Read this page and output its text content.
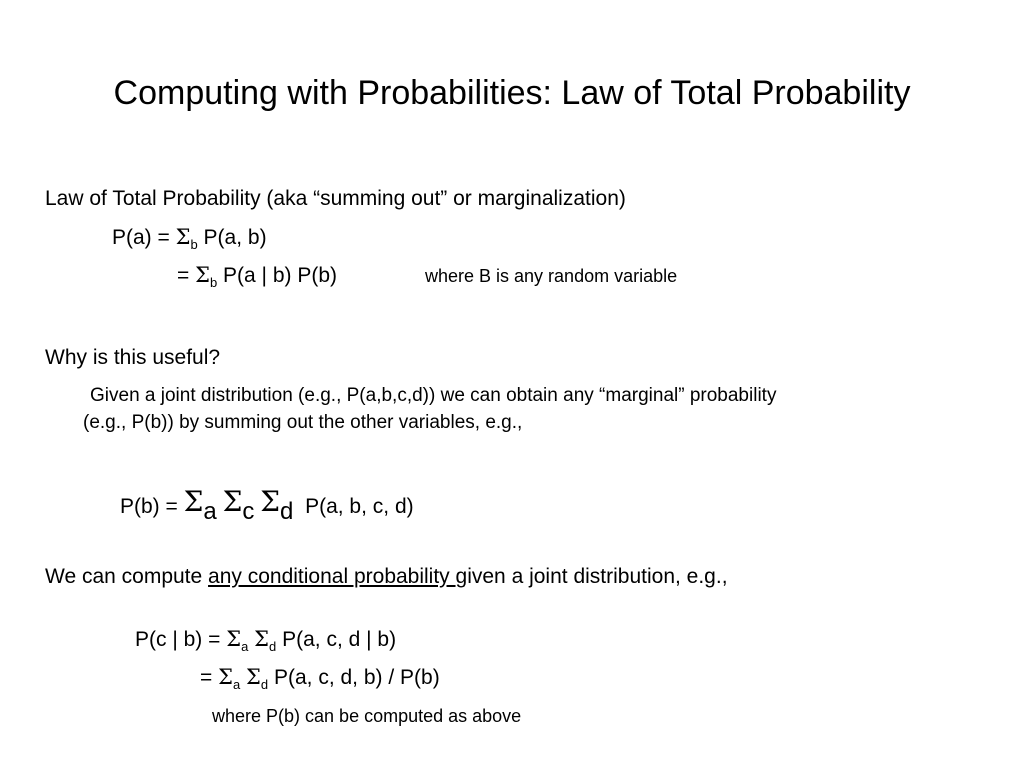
Computing with Probabilities: Law of Total Probability
Law of Total Probability (aka “summing out” or marginalization)
$P(a) = \Sigma_b$ P(a, b)
= $\Sigma_b$ P(a | b) P(b)	where B is any random variable
Why is this useful?
Given a joint distribution (e.g., P(a,b,c,d)) we can obtain any “marginal” probability
(e.g., P(b)) by summing out the other variables, e.g.,
P(b) = Σa Σc Σd  P(a, b, c, d)
We can compute any conditional probability given a joint distribution, e.g.,
P(c | $b) = \Sigma_a$ $\Sigma_d$ P(a, c, d | b)
= $\Sigma_a$ $\Sigma_d$ P(a, c, d, b) / P(b)
where P(b) can be computed as above
